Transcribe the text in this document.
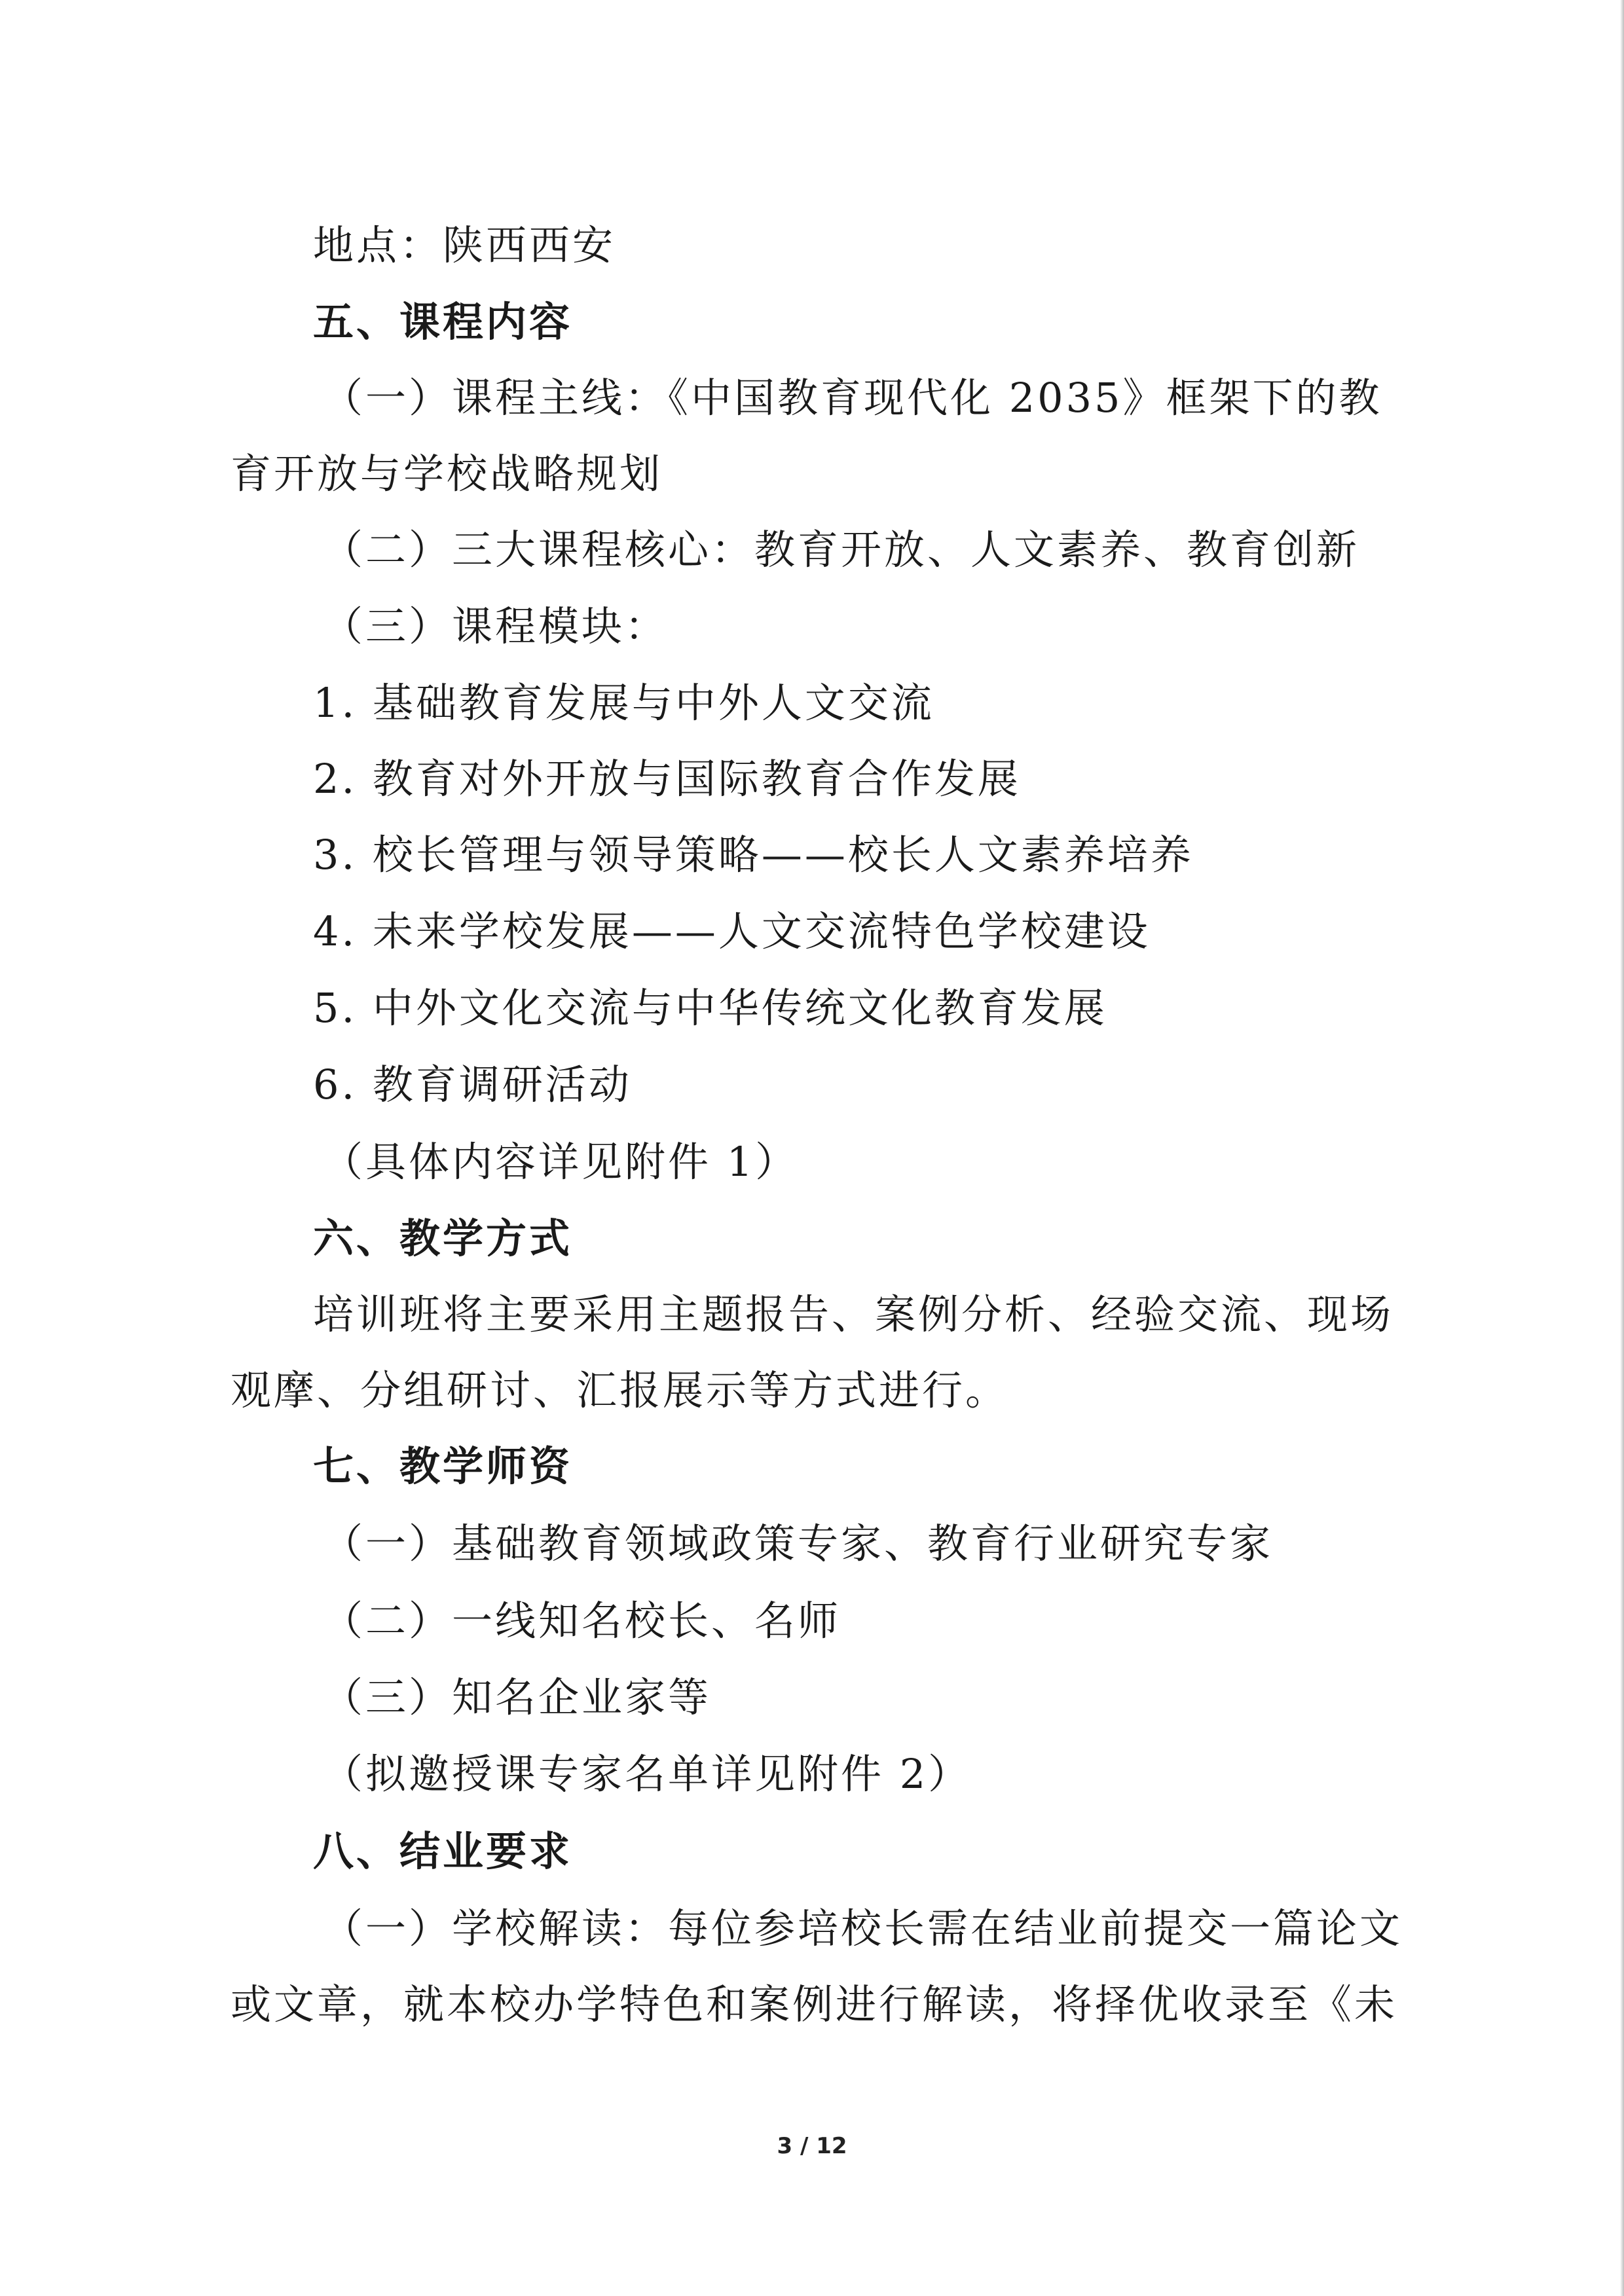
地点：陕西西安
五、课程内容
（一）课程主线：《中国教育现代化 2035》框架下的教
育开放与学校战略规划
（二）三大课程核心：教育开放、人文素养、教育创新
（三）课程模块：
1. 基础教育发展与中外人文交流
2. 教育对外开放与国际教育合作发展
3. 校长管理与领导策略——校长人文素养培养
4. 未来学校发展——人文交流特色学校建设
5. 中外文化交流与中华传统文化教育发展
6. 教育调研活动
（具体内容详见附件 1）
六、教学方式
培训班将主要采用主题报告、案例分析、经验交流、现场
观摩、分组研讨、汇报展示等方式进行。
七、教学师资
（一）基础教育领域政策专家、教育行业研究专家
（二）一线知名校长、名师
（三）知名企业家等
（拟邀授课专家名单详见附件 2）
八、结业要求
（一）学校解读：每位参培校长需在结业前提交一篇论文
或文章，就本校办学特色和案例进行解读，将择优收录至《未
3 / 12
